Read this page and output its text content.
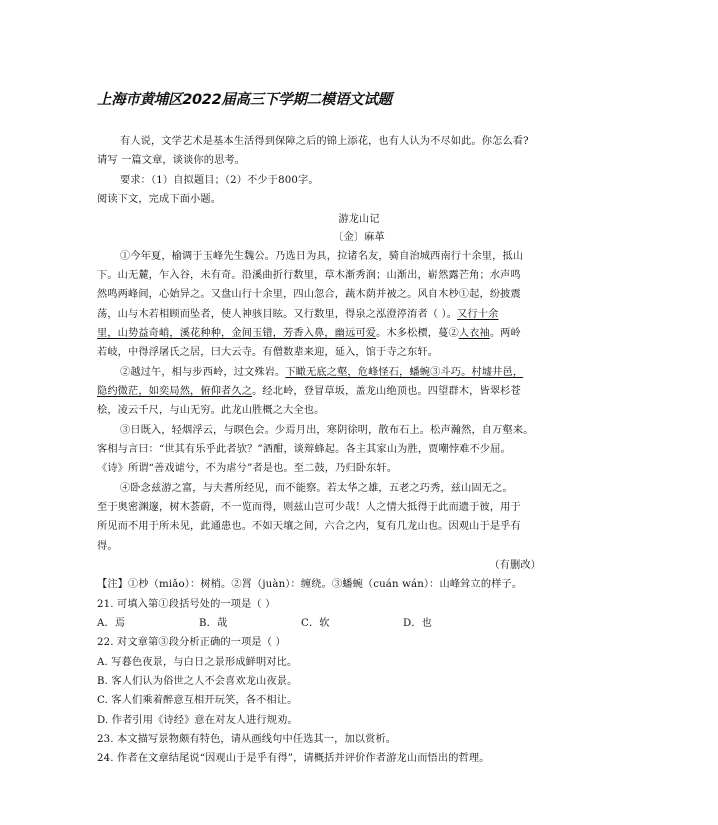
上海市黄埔区2022届高三下学期二模语文试题
有人说，文学艺术是基本生活得到保障之后的锦上添花，也有人认为不尽如此。你怎么看?
请写 一篇文章，谈谈你的思考。
要求：（1）自拟题目；（2）不少于800字。
阅读下文，完成下面小题。
游龙山记
〔金〕麻革
①今年夏，榆调于玉峰先生魏公。乃选日为具，拉诸名友，骑自治城西南行十余里，抵山
下。山无麓，乍入谷，未有奇。沿溪曲折行数里，草木渐秀润；山渐出，崭然露芒角；水声鸣
然鸣两峰间，心始异之。又盘山行十余里，四山忽合，蔬木荫并被之。风自木杪①起，纷披震
荡，山与木若相顾而坠者，使人神骇目眩。又行数里，得泉之泓澄渟淯者（ ）。又行十余
里，山势益奇峭，溪花种种，金间玉错，芳香入鼻，幽远可爱。木多松槚，蔓②人衣袖。两岭
若岐，中得浮屠氏之居，曰大云寺。有僧数辈来迎，延入，馆于寺之东轩。
②越过午，相与步西岭，过文殊岩。下瞰无底之壑，危峰怪石，蟠蜿③斗巧。村墟井邑，
隐约微茫，如奕局然，俯仰者久之。经北岭，登冒草坂，盖龙山绝顶也。四望群木，皆翠杉苍
桧，凌云千尺，与山无穷。此龙山胜概之大全也。
③日既入，轻烟浮云，与暝色会。少焉月出，寒阴徐明，散布石上。松声瀚然，自万壑来。
客相与言曰：“世其有乐乎此者欤？”酒酣，谈辩蜂起。各主其家山为胜，贾嘲悖难不少屈。
《诗》所谓“善戏谑兮，不为虐兮”者是也。至二鼓，乃归卧东轩。
④卧念兹游之富，与夫耆所经见，而不能察。若太华之雄，五老之巧秀，兹山固无之。
至于奥密渊邃，树木荟蔚，不一览而得，则兹山岂可少哉！人之情大抵得于此而遗于彼，用于
所见而不用于所未见，此通患也。不如天壤之间，六合之内，复有几龙山也。因观山于是乎有
得。
（有删改）
【注】①杪（miǎo）：树梢。②罥（juàn）：缠绕。③蟠蜿（cuán wán）：山峰耸立的样子。
21. 可填入第①段括号处的一项是（ ）
A．焉	B．哉	C．软	D．也
22. 对文章第③段分析正确的一项是（ ）
A. 写暮色夜景，与白日之景形成鲜明对比。
B. 客人们认为俗世之人不会喜欢龙山夜景。
C. 客人们乘着醉意互相开玩笑，各不相让。
D. 作者引用《诗经》意在对友人进行规劝。
23. 本文描写景物颇有特色，请从画线句中任选其一，加以赏析。
24. 作者在文章结尾说“因观山于是乎有得”，请概括并评价作者游龙山而悟出的哲理。
